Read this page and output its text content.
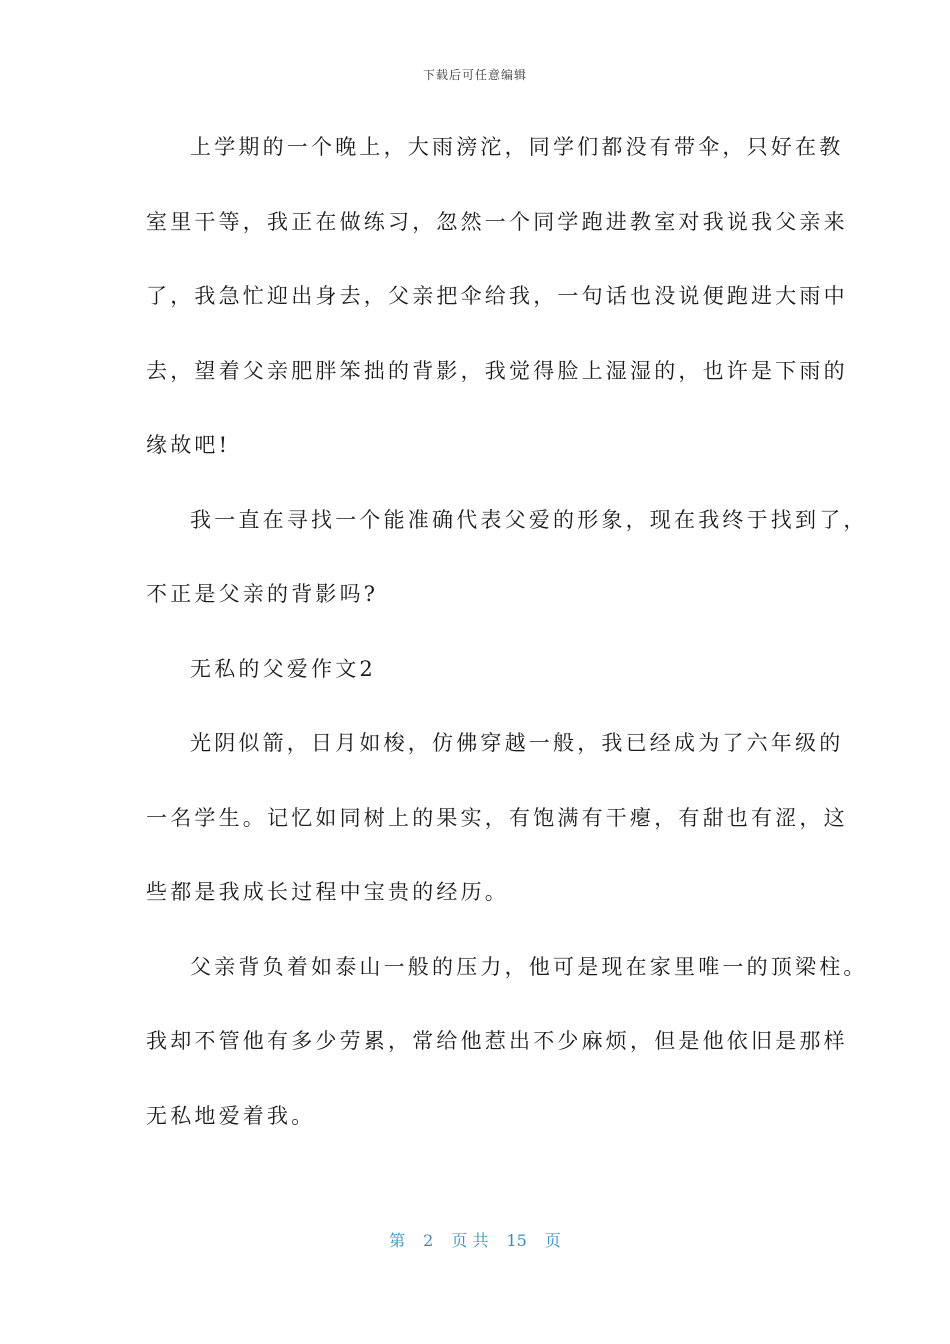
下载后可任意编辑
上学期的一个晚上，大雨滂沱，同学们都没有带伞，只好在教
室里干等，我正在做练习，忽然一个同学跑进教室对我说我父亲来
了，我急忙迎出身去，父亲把伞给我，一句话也没说便跑进大雨中
去，望着父亲肥胖笨拙的背影，我觉得脸上湿湿的，也许是下雨的
缘故吧!
我一直在寻找一个能准确代表父爱的形象，现在我终于找到了，
不正是父亲的背影吗?
无私的父爱作文2
光阴似箭，日月如梭，仿佛穿越一般，我已经成为了六年级的
一名学生。记忆如同树上的果实，有饱满有干瘪，有甜也有涩，这
些都是我成长过程中宝贵的经历。
父亲背负着如泰山一般的压力，他可是现在家里唯一的顶梁柱。
我却不管他有多少劳累，常给他惹出不少麻烦，但是他依旧是那样
无私地爱着我。
第 2 页 共 15 页
